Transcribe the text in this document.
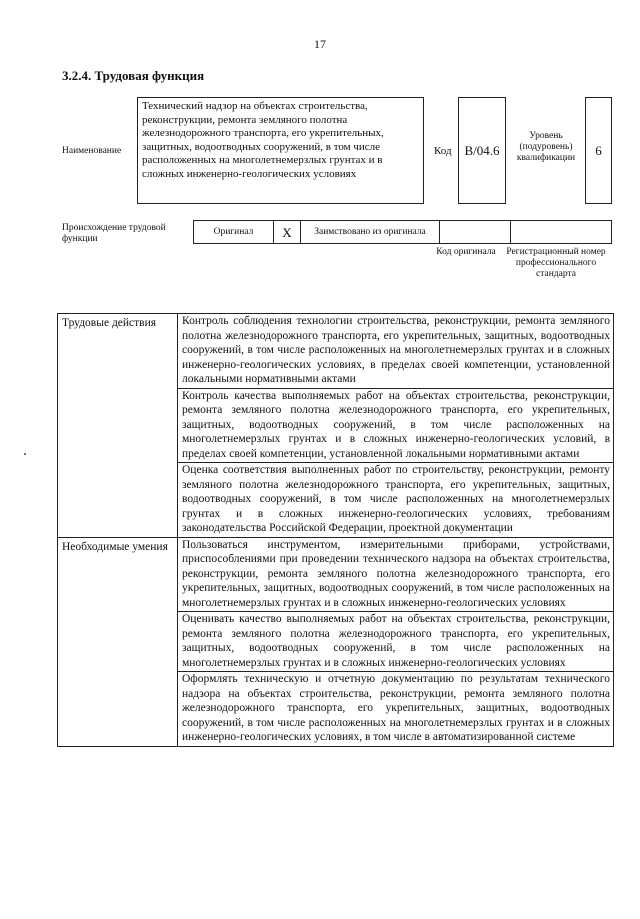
17
3.2.4. Трудовая функция
Наименование
Технический надзор на объектах строительства, реконструкции, ремонта земляного полотна железнодорожного транспорта, его укрепительных, защитных, водоотводных сооружений, в том числе расположенных на многолетнемерзлых грунтах и в сложных инженерно-геологических условиях
Код В/04.6
Уровень (подуровень) квалификации
6
Происхождение трудовой функции
Оригинал	X	Заимствовано из оригинала		
Код оригинала	Регистрационный номер профессионального стандарта
Трудовые действия	Контроль соблюдения технологии строительства, реконструкции, ремонта земляного полотна железнодорожного транспорта, его укрепительных, защитных, водоотводных сооружений, в том числе расположенных на многолетнемерзлых грунтах и в сложных инженерно-геологических условиях, в пределах своей компетенции, установленной локальными нормативными актами
	Контроль качества выполняемых работ на объектах строительства, реконструкции, ремонта земляного полотна железнодорожного транспорта, его укрепительных, защитных, водоотводных сооружений, в том числе расположенных на многолетнемерзлых грунтах и в сложных инженерно-геологических условий, в пределах своей компетенции, установленной локальными нормативными актами
	Оценка соответствия выполненных работ по строительству, реконструкции, ремонту земляного полотна железнодорожного транспорта, его укрепительных, защитных, водоотводных сооружений, в том числе расположенных на многолетнемерзлых грунтах и в сложных инженерно-геологических условиях, требованиям законодательства Российской Федерации, проектной документации
Необходимые умения	Пользоваться инструментом, измерительными приборами, устройствами, приспособлениями при проведении технического надзора на объектах строительства, реконструкции, ремонта земляного полотна железнодорожного транспорта, его укрепительных, защитных, водоотводных сооружений, в том числе расположенных на многолетнемерзлых грунтах и в сложных инженерно-геологических условиях
	Оценивать качество выполняемых работ на объектах строительства, реконструкции, ремонта земляного полотна железнодорожного транспорта, его укрепительных, защитных, водоотводных сооружений, в том числе расположенных на многолетнемерзлых грунтах и в сложных инженерно-геологических условиях
	Оформлять техническую и отчетную документацию по результатам технического надзора на объектах строительства, реконструкции, ремонта земляного полотна железнодорожного транспорта, его укрепительных, защитных, водоотводных сооружений, в том числе расположенных на многолетнемерзлых грунтах и в сложных инженерно-геологических условиях, в том числе в автоматизированной системе
